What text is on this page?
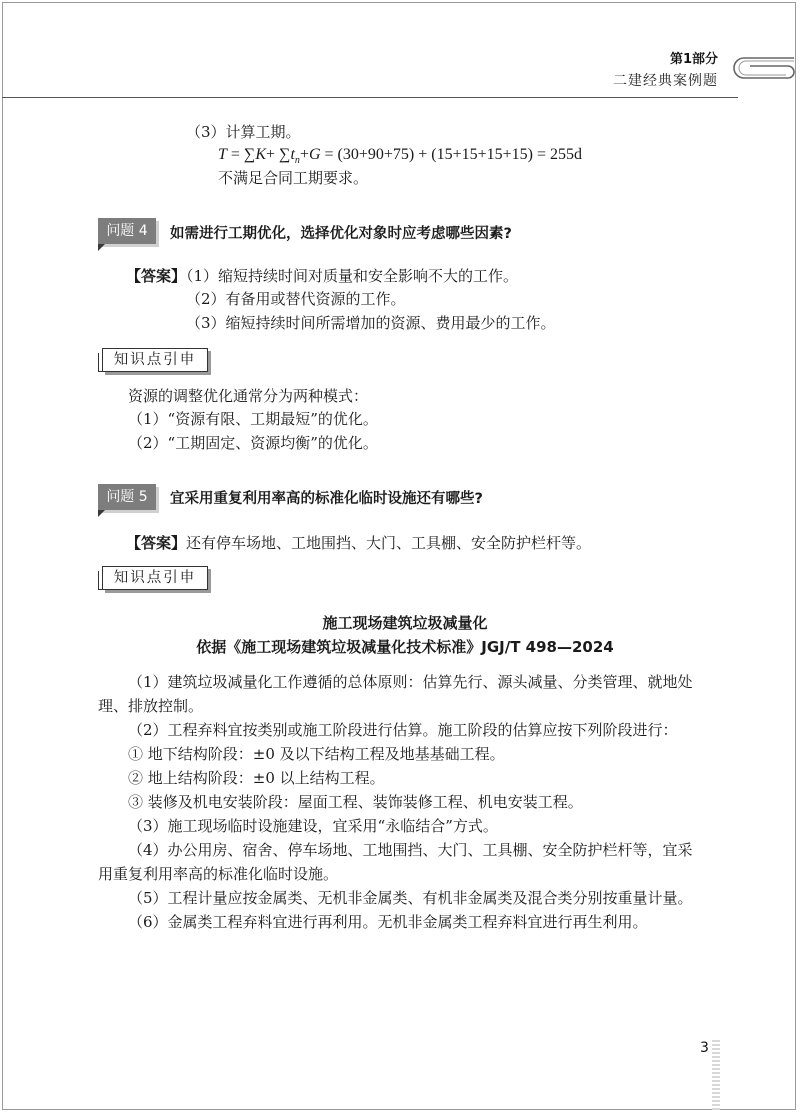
第1部分
二建经典案例题
（3）计算工期。
$T = \sum K+ \sum t_n+G = (30+90+75) + (15+15+15+15) = 255d$
不满足合同工期要求。
问题 4	如需进行工期优化，选择优化对象时应考虑哪些因素?
【答案】（1）缩短持续时间对质量和安全影响不大的工作。
（2）有备用或替代资源的工作。
（3）缩短持续时间所需增加的资源、费用最少的工作。
知识点引申
资源的调整优化通常分为两种模式：
（1）“资源有限、工期最短”的优化。
（2）“工期固定、资源均衡”的优化。
问题 5	宜采用重复利用率高的标准化临时设施还有哪些?
【答案】还有停车场地、工地围挡、大门、工具棚、安全防护栏杆等。
知识点引申
施工现场建筑垃圾减量化
依据《施工现场建筑垃圾减量化技术标准》JGJ/T 498—2024
（1）建筑垃圾减量化工作遵循的总体原则：估算先行、源头减量、分类管理、就地处
理、排放控制。
（2）工程弃料宜按类别或施工阶段进行估算。施工阶段的估算应按下列阶段进行：
① 地下结构阶段：±0 及以下结构工程及地基基础工程。
② 地上结构阶段：±0 以上结构工程。
③ 装修及机电安装阶段：屋面工程、装饰装修工程、机电安装工程。
（3）施工现场临时设施建设，宜采用“永临结合”方式。
（4）办公用房、宿舍、停车场地、工地围挡、大门、工具棚、安全防护栏杆等，宜采
用重复利用率高的标准化临时设施。
（5）工程计量应按金属类、无机非金属类、有机非金属类及混合类分别按重量计量。
（6）金属类工程弃料宜进行再利用。无机非金属类工程弃料宜进行再生利用。
3
